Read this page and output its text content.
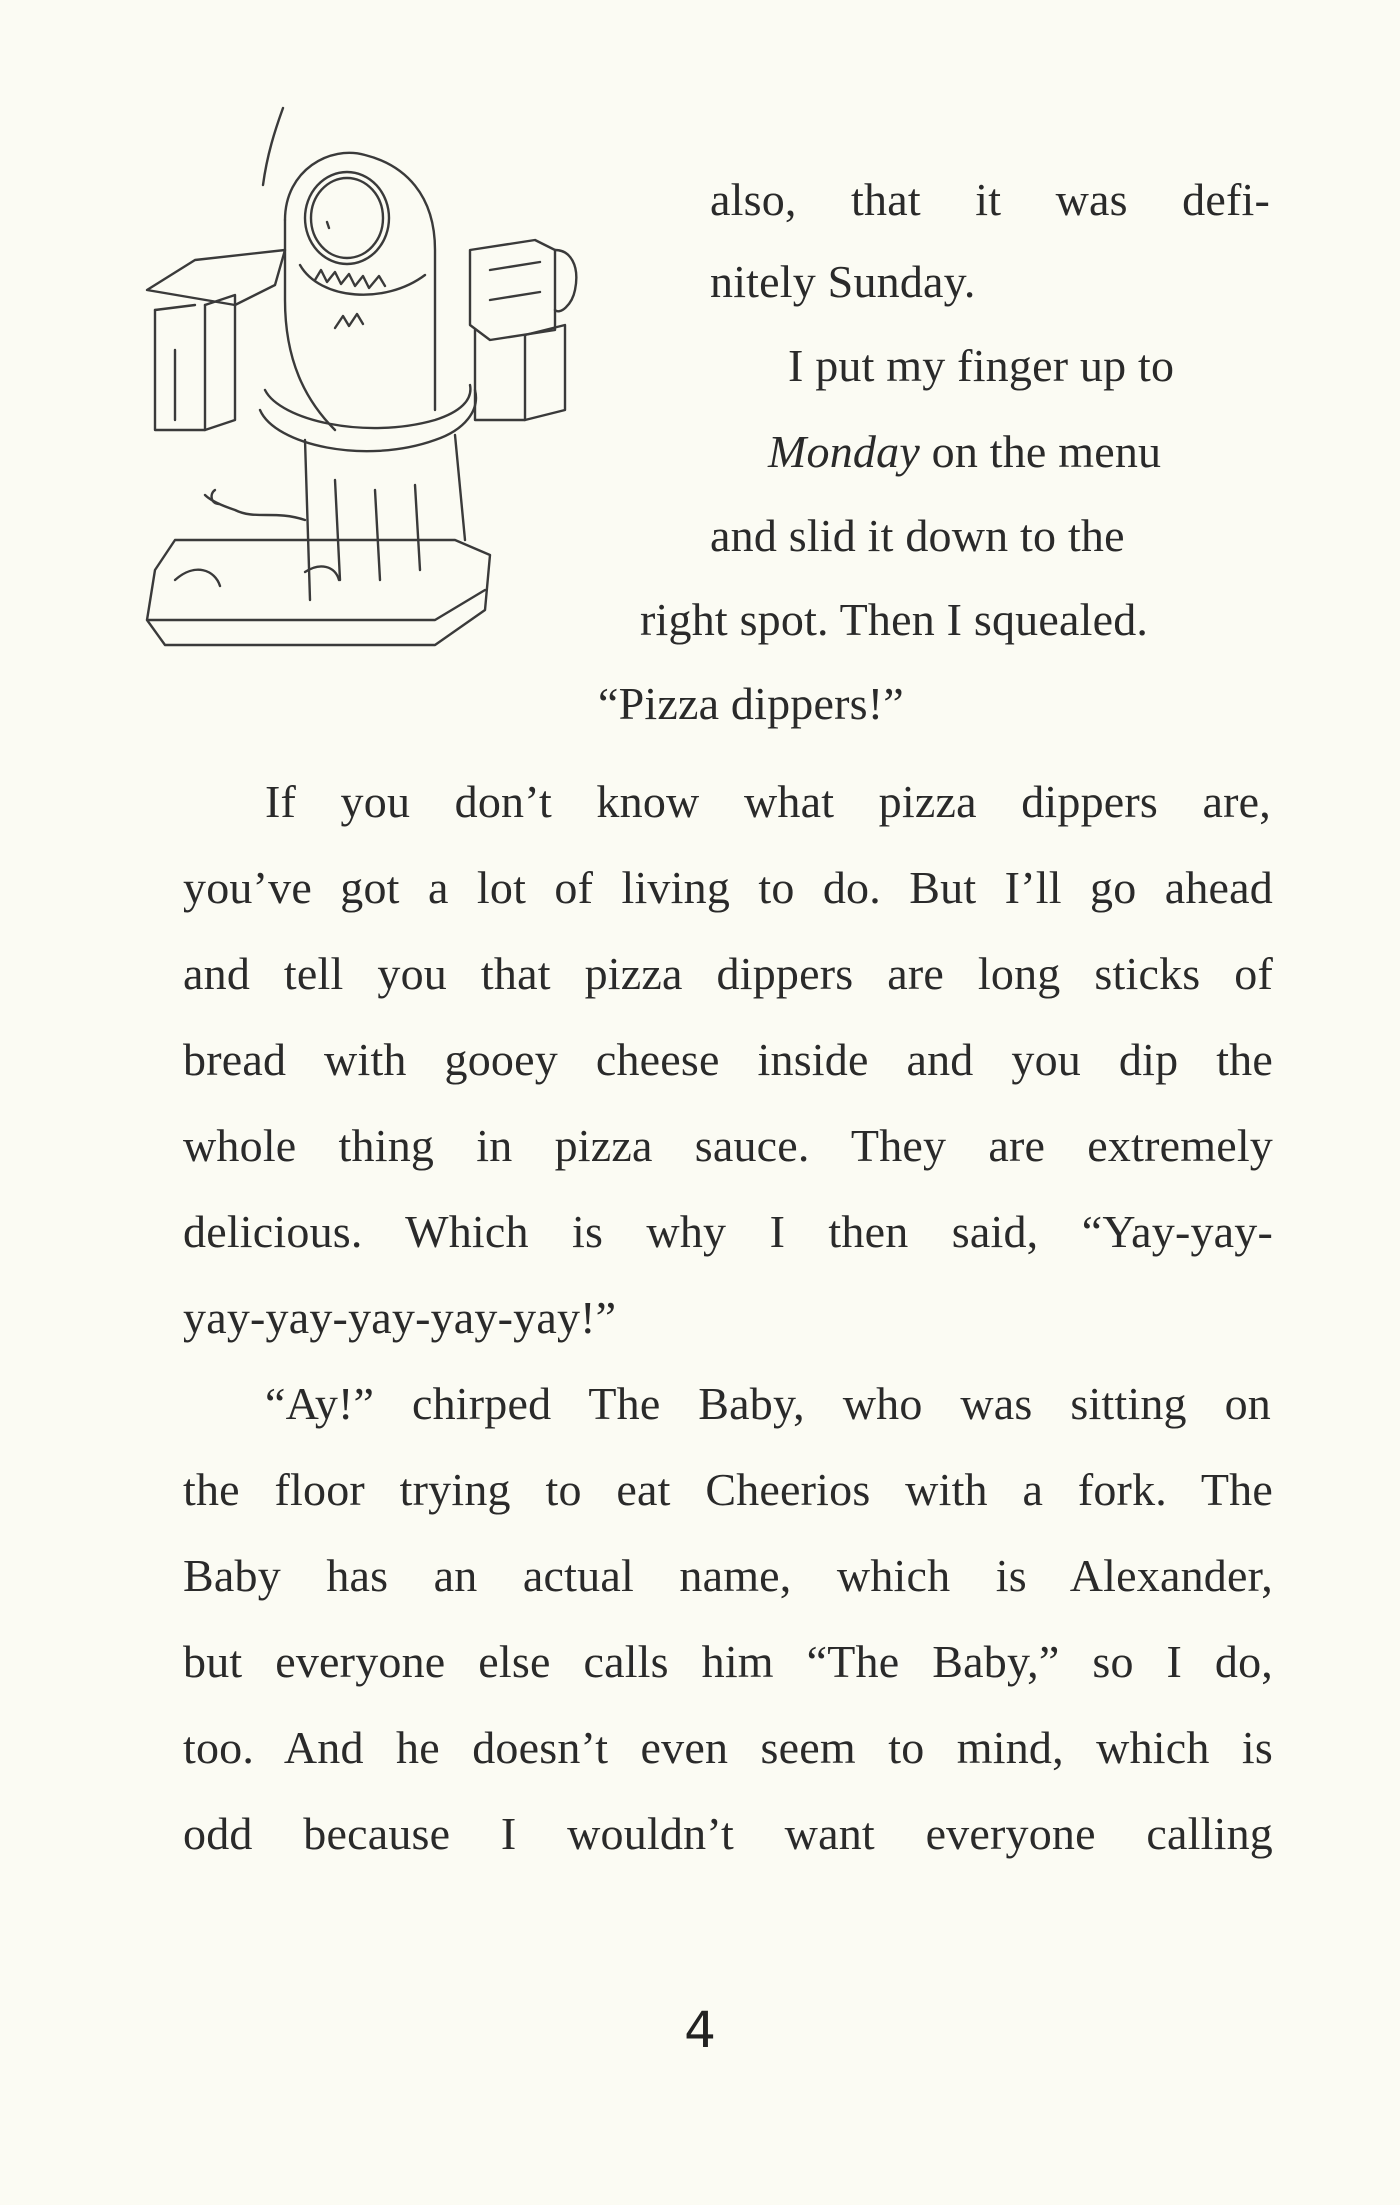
also, that it was defi-
nitely Sunday.
I put my finger up to
Monday on the menu
and slid it down to the
right spot. Then I squealed.
“Pizza dippers!”
If you don’t know what pizza dippers are,
you’ve got a lot of living to do. But I’ll go ahead
and tell you that pizza dippers are long sticks of
bread with gooey cheese inside and you dip the
whole thing in pizza sauce. They are extremely
delicious. Which is why I then said, “Yay-yay-
yay-yay-yay-yay-yay!”
“Ay!” chirped The Baby, who was sitting on
the floor trying to eat Cheerios with a fork. The
Baby has an actual name, which is Alexander,
but everyone else calls him “The Baby,” so I do,
too. And he doesn’t even seem to mind, which is
odd because I wouldn’t want everyone calling
4
